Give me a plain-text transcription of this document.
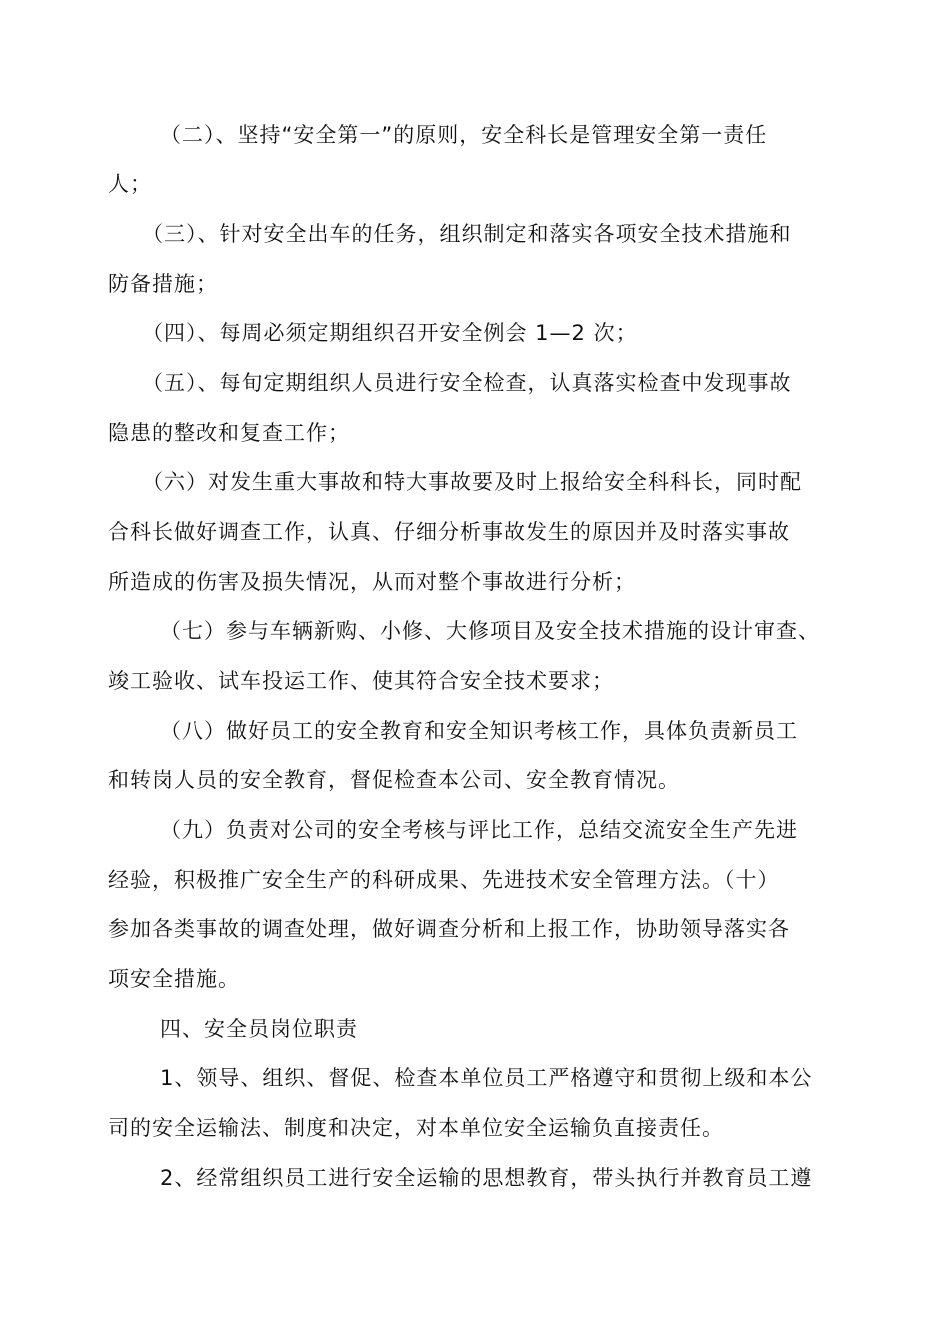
（二）、坚持“安全第一”的原则，安全科长是管理安全第一责任

人；

（三）、针对安全出车的任务，组织制定和落实各项安全技术措施和

防备措施；

（四）、每周必须定期组织召开安全例会 1—2 次；

（五）、每旬定期组织人员进行安全检查，认真落实检查中发现事故

隐患的整改和复查工作；

（六）对发生重大事故和特大事故要及时上报给安全科科长，同时配

合科长做好调查工作，认真、仔细分析事故发生的原因并及时落实事故

所造成的伤害及损失情况，从而对整个事故进行分析；

（七）参与车辆新购、小修、大修项目及安全技术措施的设计审查、

竣工验收、试车投运工作、使其符合安全技术要求；

（八）做好员工的安全教育和安全知识考核工作，具体负责新员工

和转岗人员的安全教育，督促检查本公司、安全教育情况。

（九）负责对公司的安全考核与评比工作，总结交流安全生产先进

经验，积极推广安全生产的科研成果、先进技术安全管理方法。（十）

参加各类事故的调查处理，做好调查分析和上报工作，协助领导落实各

项安全措施。

四、安全员岗位职责

1、领导、组织、督促、检查本单位员工严格遵守和贯彻上级和本公

司的安全运输法、制度和决定，对本单位安全运输负直接责任。

2、经常组织员工进行安全运输的思想教育，带头执行并教育员工遵
